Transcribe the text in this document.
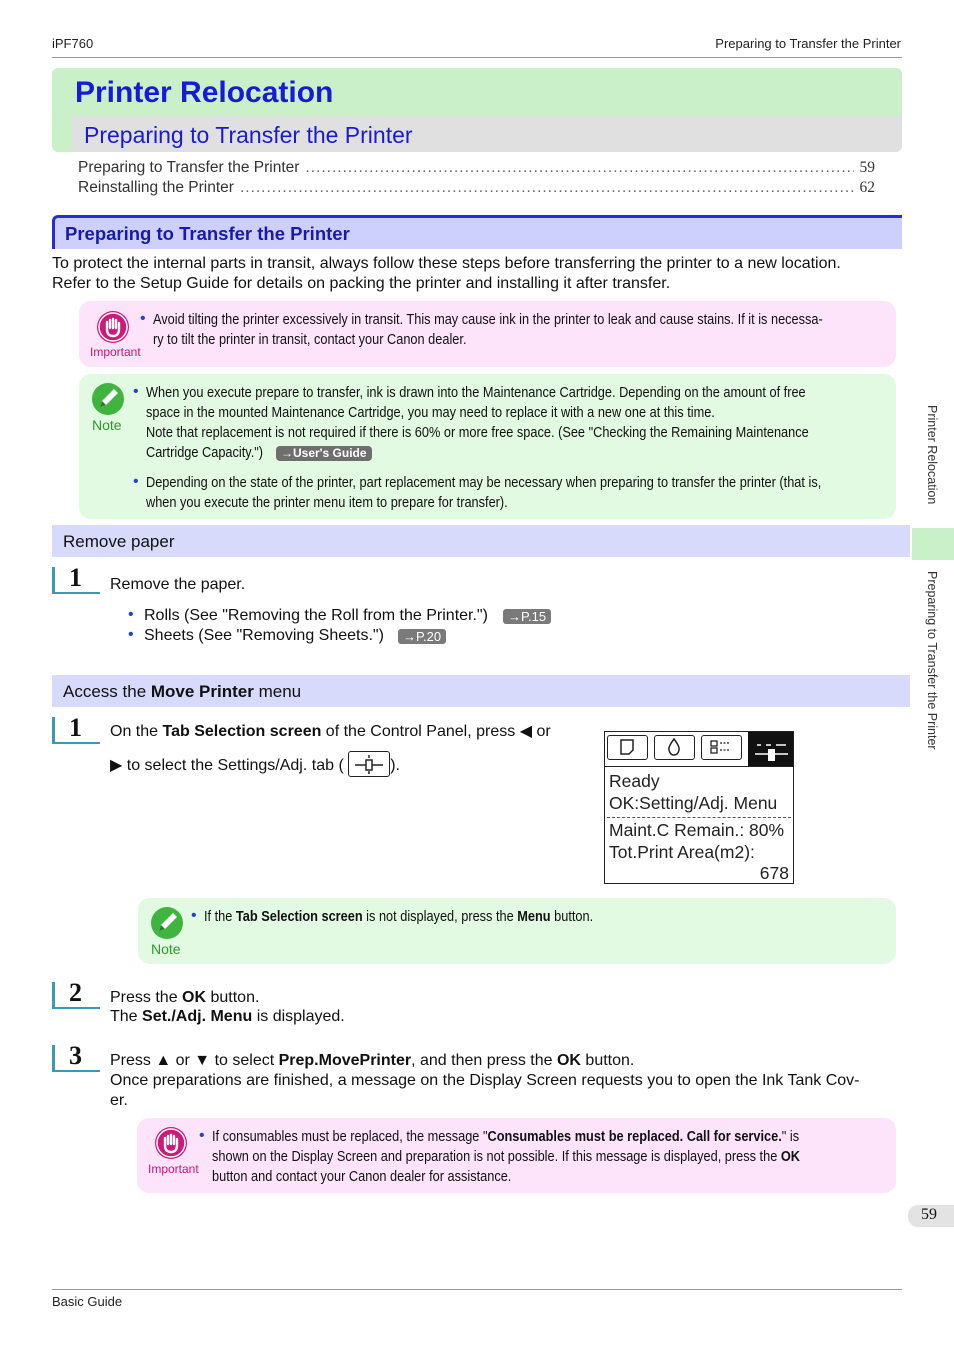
iPF760	Preparing to Transfer the Printer
Printer Relocation
Preparing to Transfer the Printer
Preparing to Transfer the Printer .....	59
Reinstalling the Printer .....	62
Preparing to Transfer the Printer
To protect the internal parts in transit, always follow these steps before transferring the printer to a new location.
Refer to the Setup Guide for details on packing the printer and installing it after transfer.
Important
• Avoid tilting the printer excessively in transit. This may cause ink in the printer to leak and cause stains. If it is necessa-
ry to tilt the printer in transit, contact your Canon dealer.
Note
• When you execute prepare to transfer, ink is drawn into the Maintenance Cartridge. Depending on the amount of free
space in the mounted Maintenance Cartridge, you may need to replace it with a new one at this time.
Note that replacement is not required if there is 60% or more free space. (See "Checking the Remaining Maintenance
Cartridge Capacity.")	→User's Guide
• Depending on the state of the printer, part replacement may be necessary when preparing to transfer the printer (that is,
when you execute the printer menu item to prepare for transfer).	Printer Relocation
Preparing to Transfer the Printer
Remove paper
1 Remove the paper.
• Rolls (See "Removing the Roll from the Printer.")	→P.15
• Sheets (See "Removing Sheets.")	→P.20
Access the Move Printer menu
1 On the Tab Selection screen of the Control Panel, press ◀ or
▶ to select the Settings/Adj. tab (	).
Ready
OK:Setting/Adj. Menu
Maint.C Remain.: 80%
Tot.Print Area(m2):
678
Note
• If the Tab Selection screen is not displayed, press the Menu button.
2 Press the OK button.
The Set./Adj. Menu is displayed.
3 Press ▲ or ▼ to select Prep.MovePrinter, and then press the OK button.
Once preparations are finished, a message on the Display Screen requests you to open the Ink Tank Cov-
er.
Important
• If consumables must be replaced, the message "Consumables must be replaced. Call for service." is
shown on the Display Screen and preparation is not possible. If this message is displayed, press the OK
button and contact your Canon dealer for assistance.
59
Basic Guide
